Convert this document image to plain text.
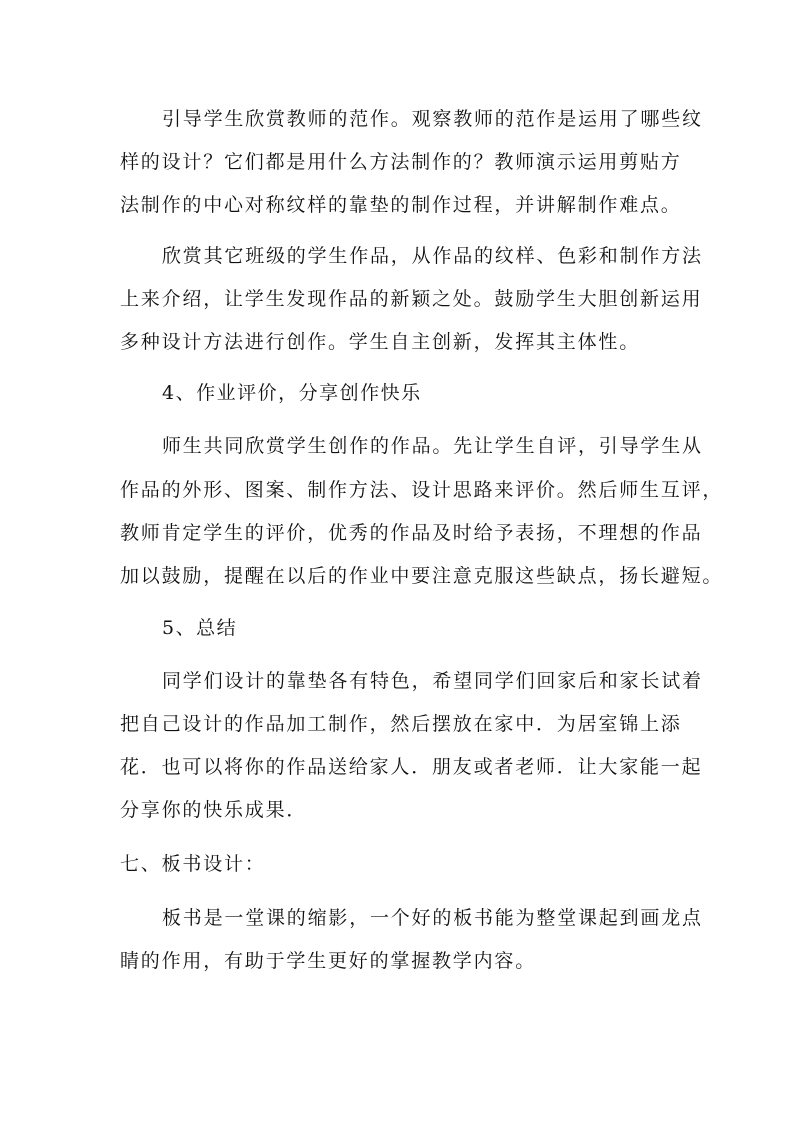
引导学生欣赏教师的范作。观察教师的范作是运用了哪些纹
样的设计？它们都是用什么方法制作的？教师演示运用剪贴方
法制作的中心对称纹样的靠垫的制作过程，并讲解制作难点。
欣赏其它班级的学生作品，从作品的纹样、色彩和制作方法
上来介绍，让学生发现作品的新颖之处。鼓励学生大胆创新运用
多种设计方法进行创作。学生自主创新，发挥其主体性。
4、作业评价，分享创作快乐
师生共同欣赏学生创作的作品。先让学生自评，引导学生从
作品的外形、图案、制作方法、设计思路来评价。然后师生互评，
教师肯定学生的评价，优秀的作品及时给予表扬，不理想的作品
加以鼓励，提醒在以后的作业中要注意克服这些缺点，扬长避短。
5、总结
同学们设计的靠垫各有特色，希望同学们回家后和家长试着
把自己设计的作品加工制作，然后摆放在家中．为居室锦上添
花．也可以将你的作品送给家人．朋友或者老师．让大家能一起
分享你的快乐成果．
七、板书设计：
板书是一堂课的缩影，一个好的板书能为整堂课起到画龙点
睛的作用，有助于学生更好的掌握教学内容。
